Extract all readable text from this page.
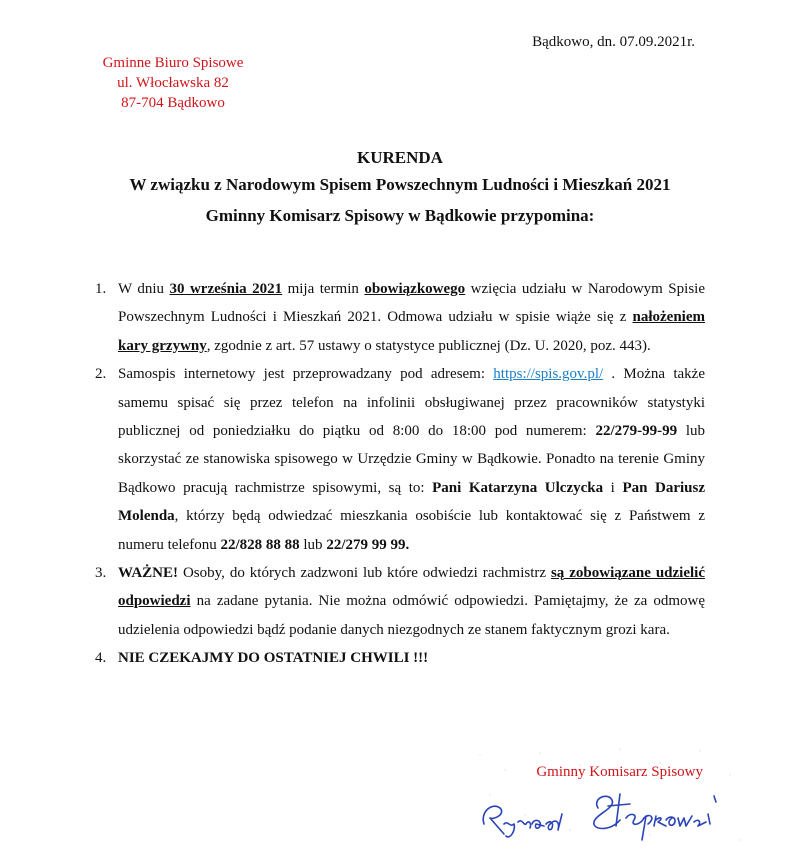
Bądkowo, dn. 07.09.2021r.
Gminne Biuro Spisowe
ul. Włocławska 82
87-704 Bądkowo
KURENDA
W związku z Narodowym Spisem Powszechnym Ludności i Mieszkań 2021
Gminny Komisarz Spisowy w Bądkowie przypomina:
1. W dniu 30 września 2021 mija termin obowiązkowego wzięcia udziału w Narodowym Spisie Powszechnym Ludności i Mieszkań 2021. Odmowa udziału w spisie wiąże się z nałożeniem kary grzywny, zgodnie z art. 57 ustawy o statystyce publicznej (Dz. U. 2020, poz. 443).
2. Samospis internetowy jest przeprowadzany pod adresem: https://spis.gov.pl/ . Można także samemu spisać się przez telefon na infolinii obsługiwanej przez pracowników statystyki publicznej od poniedziałku do piątku od 8:00 do 18:00 pod numerem: 22/279-99-99 lub skorzystać ze stanowiska spisowego w Urzędzie Gminy w Bądkowie. Ponadto na terenie Gminy Bądkowo pracują rachmistrze spisowymi, są to: Pani Katarzyna Ulczycka i Pan Dariusz Molenda, którzy będą odwiedzać mieszkania osobiście lub kontaktować się z Państwem z numeru telefonu 22/828 88 88 lub 22/279 99 99.
3. WAŻNE! Osoby, do których zadzwoni lub które odwiedzi rachmistrz są zobowiązane udzielić odpowiedzi na zadane pytania. Nie można odmówić odpowiedzi. Pamiętajmy, że za odmowę udzielenia odpowiedzi bądź podanie danych niezgodnych ze stanem faktycznym grozi kara.
4. NIE CZEKAJMY DO OSTATNIEJ CHWILI !!!
Gminny Komisarz Spisowy
